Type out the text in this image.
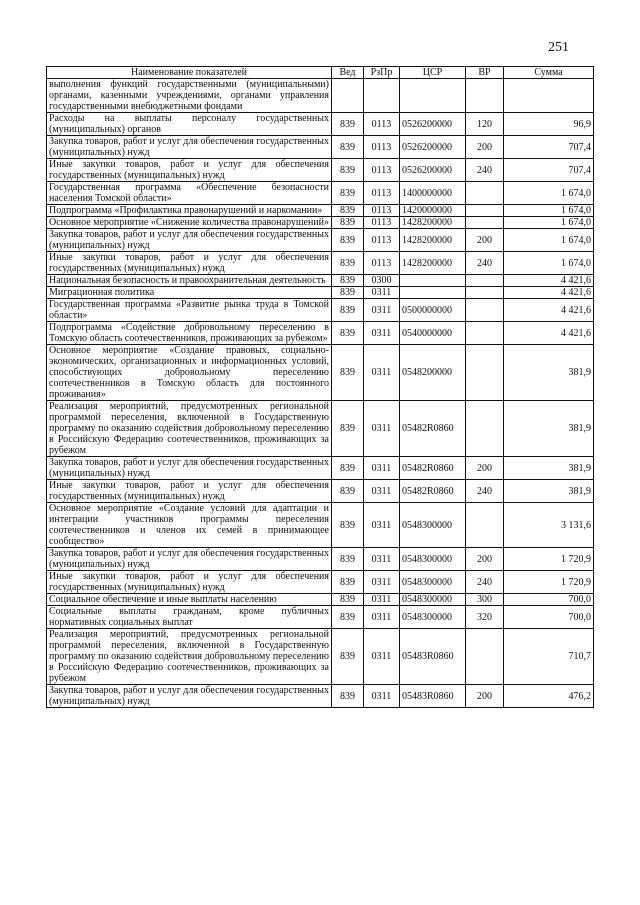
251
Наименование показателей	Вед	РзПр	ЦСР	ВР	Сумма
выполнения функций государственными (муниципальными) органами, казенными учреждениями, органами управления государственными внебюджетными фондами					
Расходы на выплаты персоналу государственных (муниципальных) органов	839	0113	0526200000	120	96,9
Закупка товаров, работ и услуг для обеспечения государственных (муниципальных) нужд	839	0113	0526200000	200	707,4
Иные закупки товаров, работ и услуг для обеспечения государственных (муниципальных) нужд	839	0113	0526200000	240	707,4
Государственная программа «Обеспечение безопасности населения Томской области»	839	0113	1400000000		1 674,0
Подпрограмма «Профилактика правонарушений и наркомании»	839	0113	1420000000		1 674,0
Основное мероприятие «Снижение количества правонарушений»	839	0113	1428200000		1 674,0
Закупка товаров, работ и услуг для обеспечения государственных (муниципальных) нужд	839	0113	1428200000	200	1 674,0
Иные закупки товаров, работ и услуг для обеспечения государственных (муниципальных) нужд	839	0113	1428200000	240	1 674,0
Национальная безопасность и правоохранительная деятельность	839	0300			4 421,6
Миграционная политика	839	0311			4 421,6
Государственная программа «Развитие рынка труда в Томской области»	839	0311	0500000000		4 421,6
Подпрограмма «Содействие добровольному переселению в Томскую область соотечественников, проживающих за рубежом»	839	0311	0540000000		4 421,6
Основное мероприятие «Создание правовых, социально-экономических, организационных и информационных условий, способствующих добровольному переселению соотечественников в Томскую область для постоянного проживания»	839	0311	0548200000		381,9
Реализация мероприятий, предусмотренных региональной программой переселения, включенной в Государственную программу по оказанию содействия добровольному переселению в Российскую Федерацию соотечественников, проживающих за рубежом	839	0311	05482R0860		381,9
Закупка товаров, работ и услуг для обеспечения государственных (муниципальных) нужд	839	0311	05482R0860	200	381,9
Иные закупки товаров, работ и услуг для обеспечения государственных (муниципальных) нужд	839	0311	05482R0860	240	381,9
Основное мероприятие «Создание условий для адаптации и интеграции участников программы переселения соотечественников и членов их семей в принимающее сообщество»	839	0311	0548300000		3 131,6
Закупка товаров, работ и услуг для обеспечения государственных (муниципальных) нужд	839	0311	0548300000	200	1 720,9
Иные закупки товаров, работ и услуг для обеспечения государственных (муниципальных) нужд	839	0311	0548300000	240	1 720,9
Социальное обеспечение и иные выплаты населению	839	0311	0548300000	300	700,0
Социальные выплаты гражданам, кроме публичных нормативных социальных выплат	839	0311	0548300000	320	700,0
Реализация мероприятий, предусмотренных региональной программой переселения, включенной в Государственную программу по оказанию содействия добровольному переселению в Российскую Федерацию соотечественников, проживающих за рубежом	839	0311	05483R0860		710,7
Закупка товаров, работ и услуг для обеспечения государственных (муниципальных) нужд	839	0311	05483R0860	200	476,2
